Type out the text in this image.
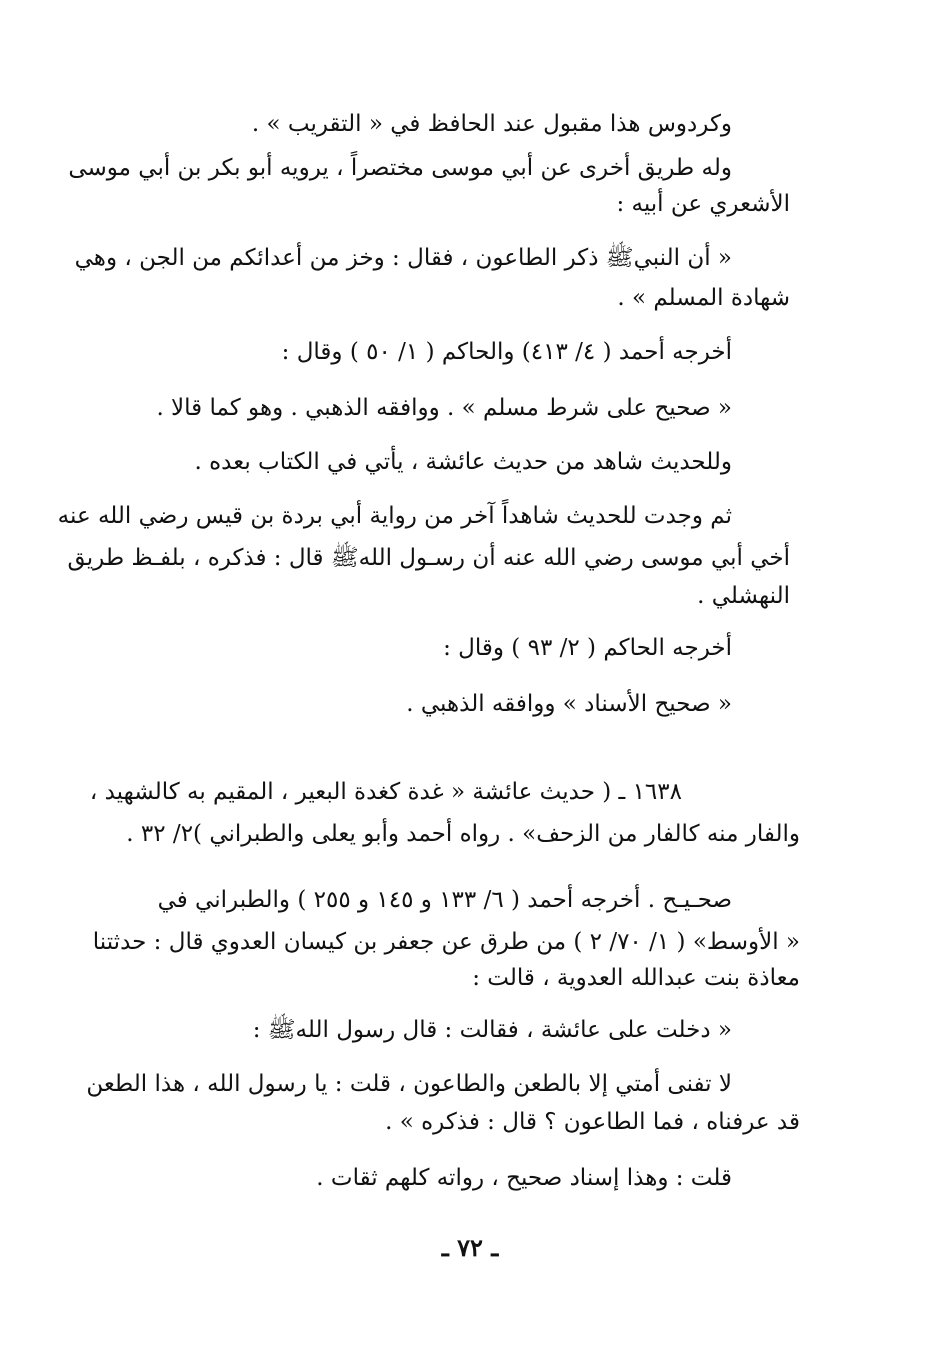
وكردوس هذا مقبول عند الحافظ في « التقريب » .
وله طريق أخرى عن أبي موسى مختصراً ، يرويه أبو بكر بن أبي موسى
الأشعري عن أبيه :
« أن النبيﷺ ذكر الطاعون ، فقال : وخز من أعدائكم من الجن ، وهي
شهادة المسلم » .
أخرجه أحمد ( ٤/ ٤١٣) والحاكم ( ١/ ٥٠ ) وقال :
« صحيح على شرط مسلم » . ووافقه الذهبي . وهو كما قالا .
وللحديث شاهد من حديث عائشة ، يأتي في الكتاب بعده .
ثم وجدت للحديث شاهداً آخر من رواية أبي بردة بن قيس رضي الله عنه
أخي أبي موسى رضي الله عنه أن رسـول اللهﷺ قال : فذكره ، بلفـظ طريق
النهشلي .
أخرجه الحاكم ( ٢/ ٩٣ ) وقال :
« صحيح الأسناد » ووافقه الذهبي .
١٦٣٨ ـ ( حديث عائشة « غدة كغدة البعير ، المقيم به كالشهيد ،
والفار منه كالفار من الزحف» . رواه أحمد وأبو يعلى والطبراني )٢/ ٣٢ .
صحـيـح . أخرجه أحمد ( ٦/ ١٣٣ و ١٤٥ و ٢٥٥ ) والطبراني في
« الأوسط» ( ١/ ٧٠/ ٢ ) من طرق عن جعفر بن كيسان العدوي قال : حدثتنا
معاذة بنت عبدالله العدوية ، قالت :
« دخلت على عائشة ، فقالت : قال رسول اللهﷺ :
لا تفنى أمتي إلا بالطعن والطاعون ، قلت : يا رسول الله ، هذا الطعن
قد عرفناه ، فما الطاعون ؟ قال : فذكره » .
قلت : وهذا إسناد صحيح ، رواته كلهم ثقات .
ـ ٧٢ ـ
